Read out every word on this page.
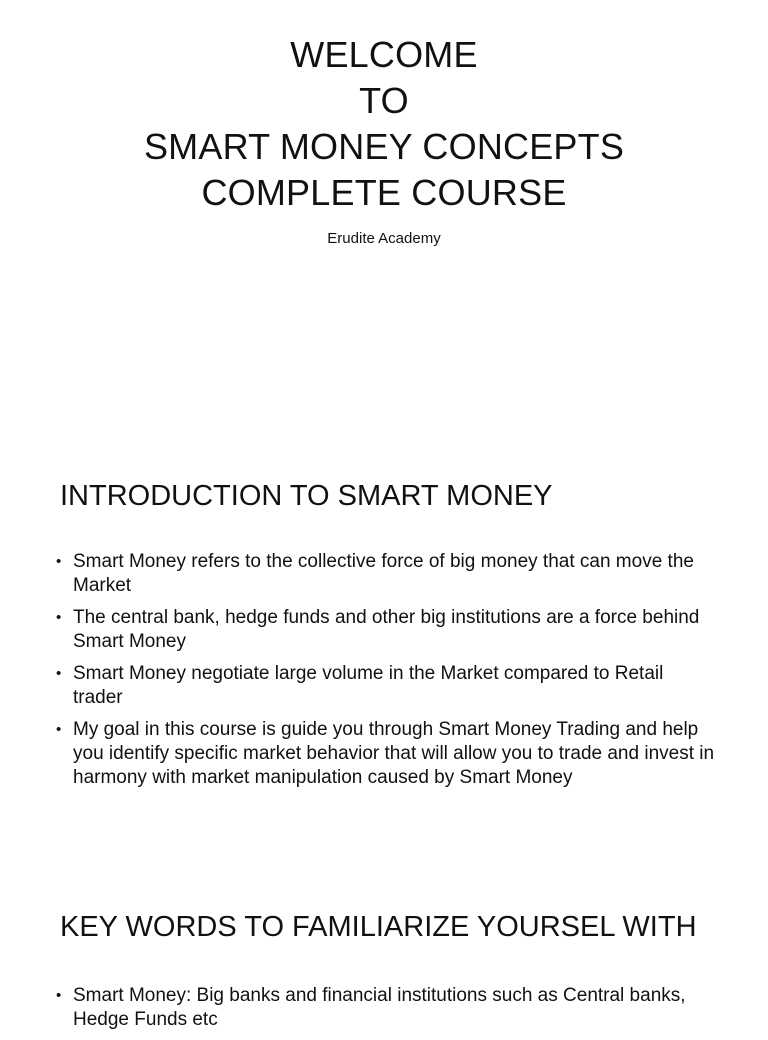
WELCOME
TO
SMART MONEY CONCEPTS
COMPLETE COURSE
Erudite Academy
INTRODUCTION TO SMART MONEY
• Smart Money refers to the collective force of big money that can move the Market
• The central bank, hedge funds and other big institutions are a force behind Smart Money
• Smart Money negotiate large volume in the Market compared to Retail trader
• My goal in this course is guide you through Smart Money Trading and help you identify specific market behavior that will allow you to trade and invest in harmony with market manipulation caused by Smart Money
KEY WORDS TO FAMILIARIZE YOURSEL WITH
• Smart Money: Big banks and financial institutions such as Central banks, Hedge Funds etc
